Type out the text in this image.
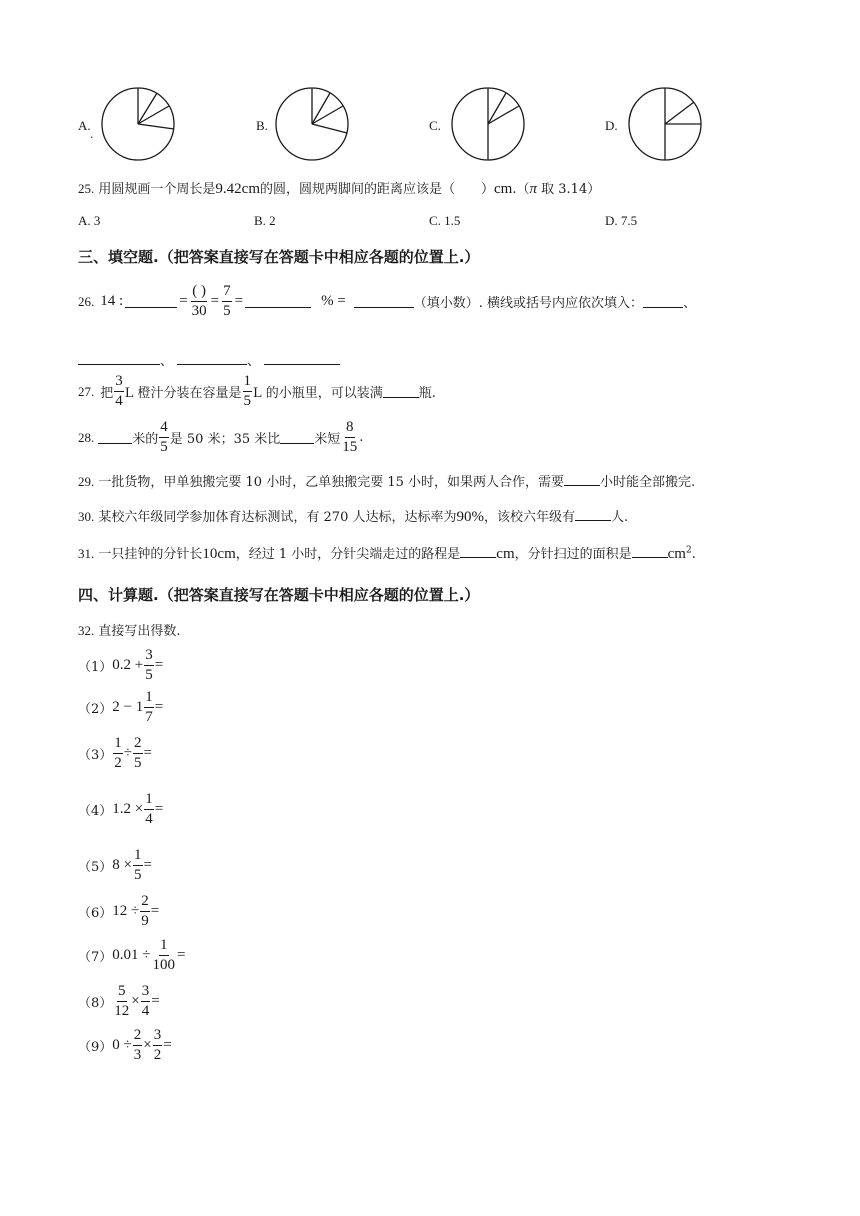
A.
.
B.	C.	D.
25. 用圆规画一个周长是9.42cm的圆，圆规两脚间的距离应该是（ ）cm.（π 取 3.14）
A. 3	B. 2	C. 1.5	D. 7.5
三、填空题.（把答案直接写在答题卡中相应各题的位置上.）
26. 14 :	= $\frac{( )}{30} = \frac{7}{5}$ =	% =	（填小数）. 横线或括号内应依次填入：	、
、	、
27. 把 $\frac{3}{4}$ L 橙汁分装在容量是 $\frac{1}{5}$ L 的小瓶里，可以装满	瓶.
28.	米的 $\frac{4}{5}$ 是 50 米；35 米比	米短 $\frac{8}{15}$ .
29. 一批货物，甲单独搬完要 10 小时，乙单独搬完要 15 小时，如果两人合作，需要	小时能全部搬完.
30. 某校六年级同学参加体育达标测试，有 270 人达标，达标率为90%，该校六年级有	人.
31. 一只挂钟的分针长10cm，经过 1 小时，分针尖端走过的路程是 cm，分针扫过的面积是 $cm^2$.
四、计算题.（把答案直接写在答题卡中相应各题的位置上.）
32. 直接写出得数.
（1） $0.2 + \frac{3}{5}$ =
（2） $2 - 1 \frac{1}{7}$ =
$(3) \frac{1}{2} \div \frac{2}{5}$ =
（4） $1.2 \times \frac{1}{4}$ =
（5） $8 \times \frac{1}{5}$ =
（6） $12 \div \frac{2}{9}$ =
（7） $0.01 \div \frac{1}{100}$ =
$(8) \frac{5}{12} \times \frac{3}{4}$ =
（9） $0 \div \frac{2}{3} \times \frac{3}{2}$ =
